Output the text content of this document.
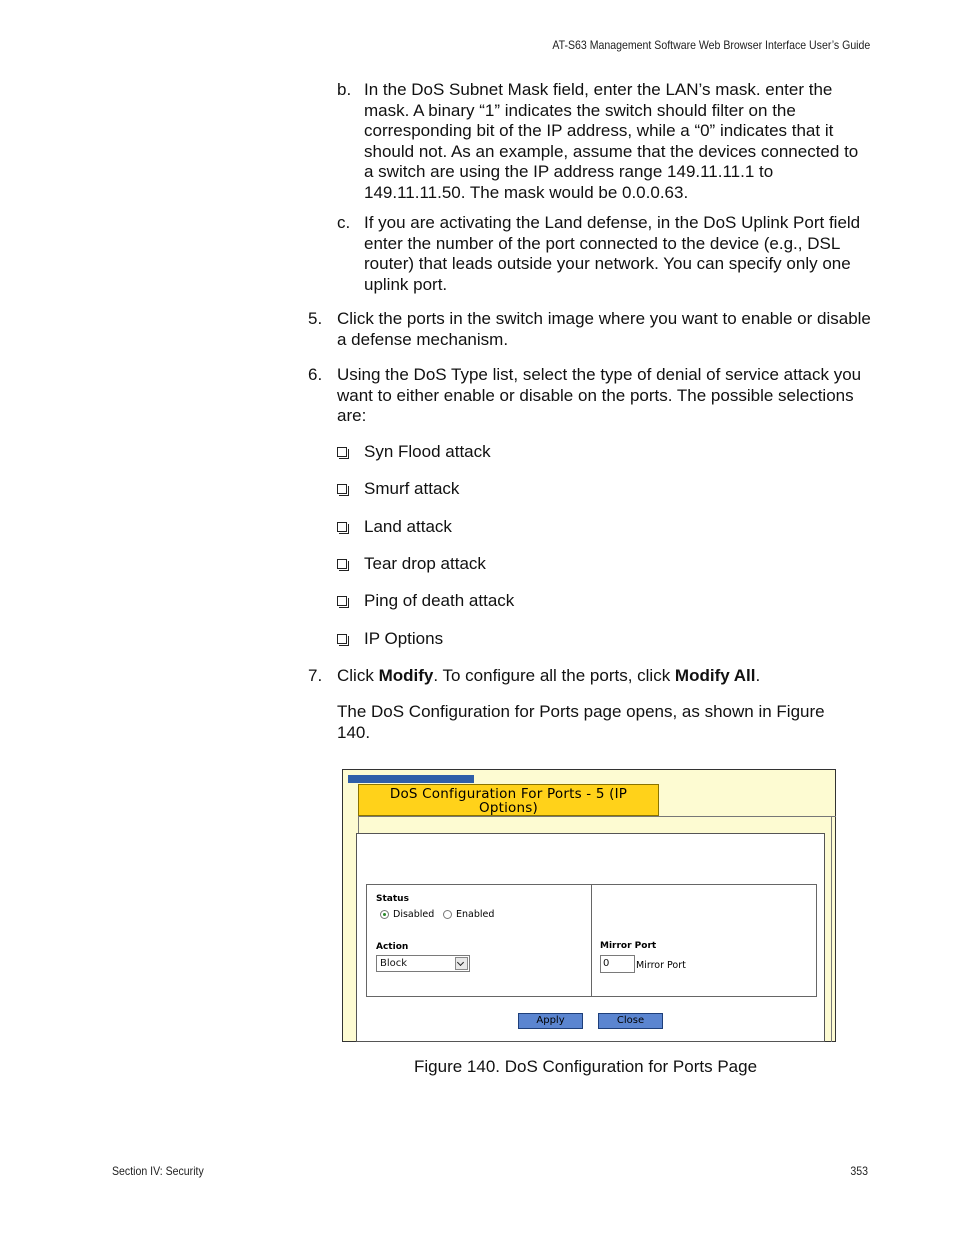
AT-S63 Management Software Web Browser Interface User’s Guide
b. In the DoS Subnet Mask field, enter the LAN’s mask. enter the mask. A binary “1” indicates the switch should filter on the corresponding bit of the IP address, while a “0” indicates that it should not. As an example, assume that the devices connected to a switch are using the IP address range 149.11.11.1 to 149.11.11.50. The mask would be 0.0.0.63.
c. If you are activating the Land defense, in the DoS Uplink Port field enter the number of the port connected to the device (e.g., DSL router) that leads outside your network. You can specify only one uplink port.
5. Click the ports in the switch image where you want to enable or disable a defense mechanism.
6. Using the DoS Type list, select the type of denial of service attack you want to either enable or disable on the ports. The possible selections are:
Syn Flood attack
Smurf attack
Land attack
Tear drop attack
Ping of death attack
IP Options
7. Click Modify. To configure all the ports, click Modify All.
The DoS Configuration for Ports page opens, as shown in Figure 140.
DoS Configuration For Ports - 5 (IP
Options)
Status
Disabled Enabled
Action
Block
Mirror Port
0	Mirror Port
Apply	Close
Figure 140. DoS Configuration for Ports Page
Section IV: Security	353
